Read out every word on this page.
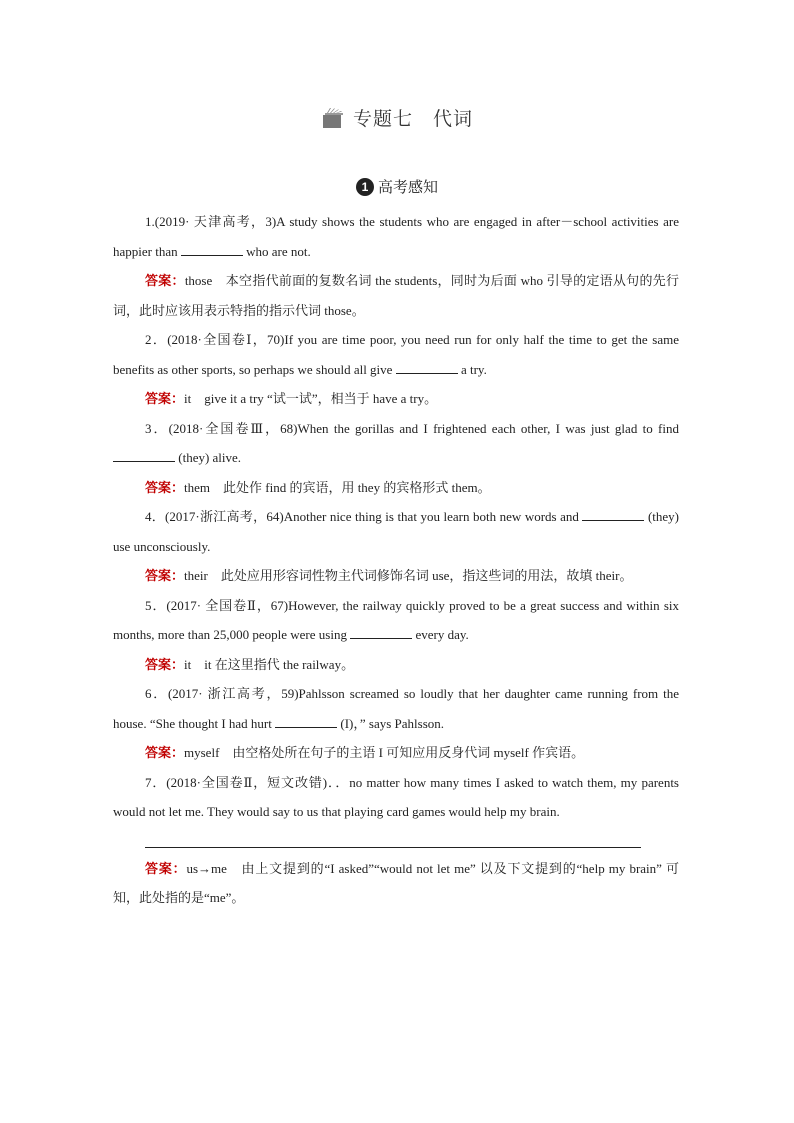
专题七　代词
1 高考感知

1.(2019· 天津高考，3)A study shows the students who are engaged in after－school activities are happier than	who are not.

答案：those　本空指代前面的复数名词 the students，同时为后面 who 引导的定语从句的先行词，此时应该用表示特指的指示代词 those。

2．(2018·全国卷Ⅰ，70)If you are time poor, you need run for only half the time to get the same benefits as other sports, so perhaps we should all give	a try.

答案：it　give it a try “试一试”，相当于 have a try。

3．(2018·全国卷Ⅲ，68)When the gorillas and I frightened each other, I was just glad to find  (they) alive.

答案：them　此处作 find 的宾语，用 they 的宾格形式 them。

4．(2017·浙江高考，64)Another nice thing is that you learn both new words and	(they) use unconsciously.

答案：their　此处应用形容词性物主代词修饰名词 use，指这些词的用法，故填 their。

5．(2017· 全国卷Ⅱ，67)However, the railway quickly proved to be a great success and within six months, more than 25,000 people were using	every day.

答案：it　it 在这里指代 the railway。

6．(2017· 浙江高考，59)Pahlsson screamed so loudly that her daughter came running from the house. “She thought I had hurt	(I)，” says Pahlsson.

答案：myself　由空格处所在句子的主语 I 可知应用反身代词 myself 作宾语。

7．(2018·全国卷Ⅱ，短文改错)．．no matter how many times I asked to watch them, my parents would not let me. They would say to us that playing card games would help my brain.

答案：us→me　由上文提到的“I asked”“would not let me” 以及下文提到的“help my brain” 可知，此处指的是“me”。
